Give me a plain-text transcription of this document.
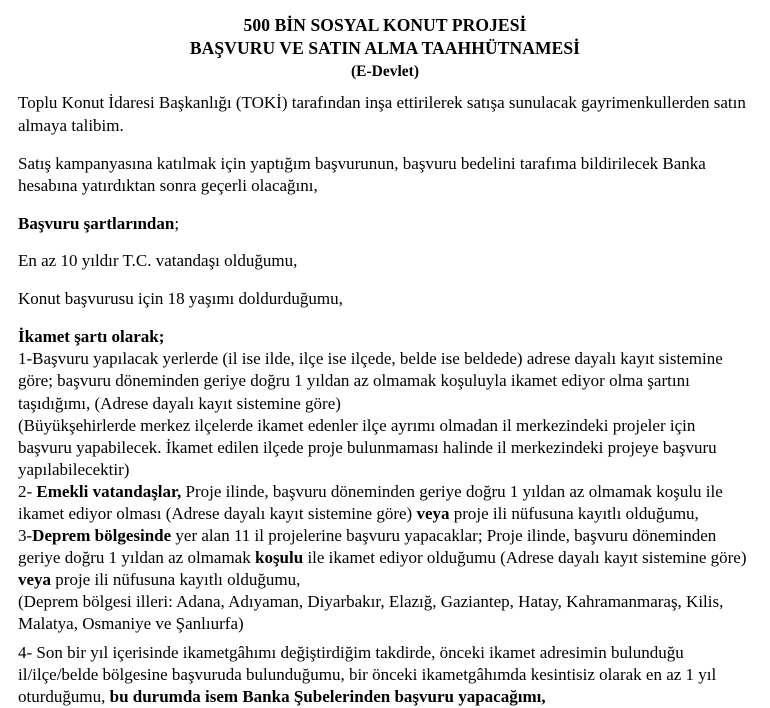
500 BİN SOSYAL KONUT PROJESİ
BAŞVURU VE SATIN ALMA TAAHHÜTNAMESİ
(E-Devlet)

Toplu Konut İdaresi Başkanlığı (TOKİ) tarafından inşa ettirilerek satışa sunulacak gayrimenkullerden satın almaya talibim.

Satış kampanyasına katılmak için yaptığım başvurunun, başvuru bedelini tarafıma bildirilecek Banka hesabına yatırdıktan sonra geçerli olacağını,

Başvuru şartlarından;

En az 10 yıldır T.C. vatandaşı olduğumu,

Konut başvurusu için 18 yaşımı doldurduğumu,

İkamet şartı olarak;

1-Başvuru yapılacak yerlerde (il ise ilde, ilçe ise ilçede, belde ise beldede) adrese dayalı kayıt sistemine göre; başvuru döneminden geriye doğru 1 yıldan az olmamak koşuluyla ikamet ediyor olma şartını taşıdığımı, (Adrese dayalı kayıt sistemine göre)

(Büyükşehirlerde merkez ilçelerde ikamet edenler ilçe ayrımı olmadan il merkezindeki projeler için başvuru yapabilecek. İkamet edilen ilçede proje bulunmaması halinde il merkezindeki projeye başvuru yapılabilecektir)

2- Emekli vatandaşlar, Proje ilinde, başvuru döneminden geriye doğru 1 yıldan az olmamak koşulu ile ikamet ediyor olması (Adrese dayalı kayıt sistemine göre) veya proje ili nüfusuna kayıtlı olduğumu,

3-Deprem bölgesinde yer alan 11 il projelerine başvuru yapacaklar; Proje ilinde, başvuru döneminden geriye doğru 1 yıldan az olmamak koşulu ile ikamet ediyor olduğumu (Adrese dayalı kayıt sistemine göre) veya proje ili nüfusuna kayıtlı olduğumu,

(Deprem bölgesi illeri: Adana, Adıyaman, Diyarbakır, Elazığ, Gaziantep, Hatay, Kahramanmaraş, Kilis, Malatya, Osmaniye ve Şanlıurfa)

4- Son bir yıl içerisinde ikametgâhımı değiştirdiğim takdirde, önceki ikamet adresimin bulunduğu il/ilçe/belde bölgesine başvuruda bulunduğumu, bir önceki ikametgâhımda kesintisiz olarak en az 1 yıl oturduğumu, bu durumda isem Banka Şubelerinden başvuru yapacağımı,
